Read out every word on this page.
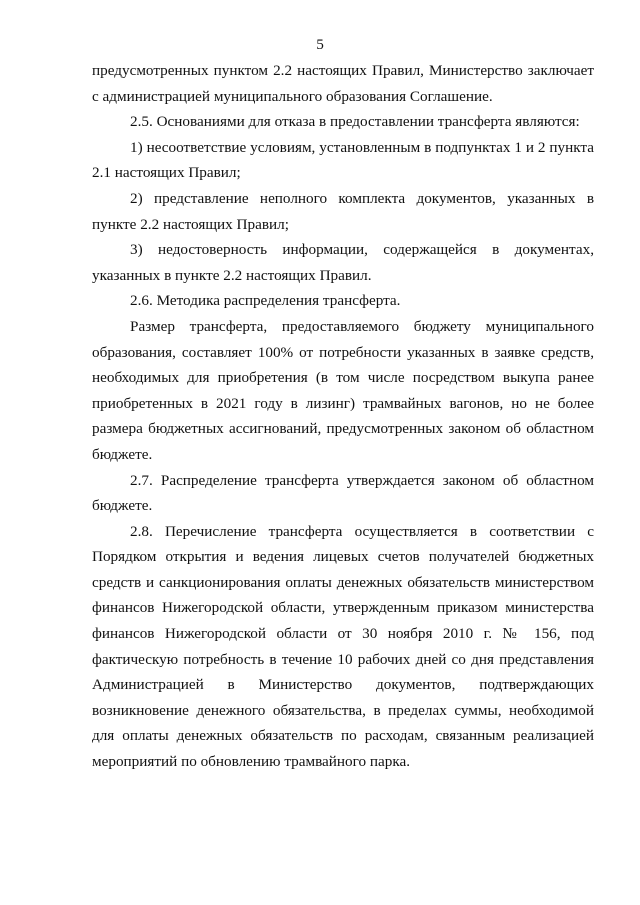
5

предусмотренных пунктом 2.2 настоящих Правил, Министерство заключает с администрацией муниципального образования Соглашение.

2.5. Основаниями для отказа в предоставлении трансферта являются:

1) несоответствие условиям, установленным в подпунктах 1 и 2 пункта 2.1 настоящих Правил;

2) представление неполного комплекта документов, указанных в пункте 2.2 настоящих Правил;

3) недостоверность информации, содержащейся в документах, указанных в пункте 2.2 настоящих Правил.

2.6. Методика распределения трансферта.

Размер трансферта, предоставляемого бюджету муниципального образования, составляет 100% от потребности указанных в заявке средств, необходимых для приобретения (в том числе посредством выкупа ранее приобретенных в 2021 году в лизинг) трамвайных вагонов, но не более размера бюджетных ассигнований, предусмотренных законом об областном бюджете.

2.7. Распределение трансферта утверждается законом об областном бюджете.

2.8. Перечисление трансферта осуществляется в соответствии с Порядком открытия и ведения лицевых счетов получателей бюджетных средств и санкционирования оплаты денежных обязательств министерством финансов Нижегородской области, утвержденным приказом министерства финансов Нижегородской области от 30 ноября 2010 г. № 156, под фактическую потребность в течение 10 рабочих дней со дня представления Администрацией в Министерство документов, подтверждающих возникновение денежного обязательства, в пределах суммы, необходимой для оплаты денежных обязательств по расходам, связанным реализацией мероприятий по обновлению трамвайного парка.
